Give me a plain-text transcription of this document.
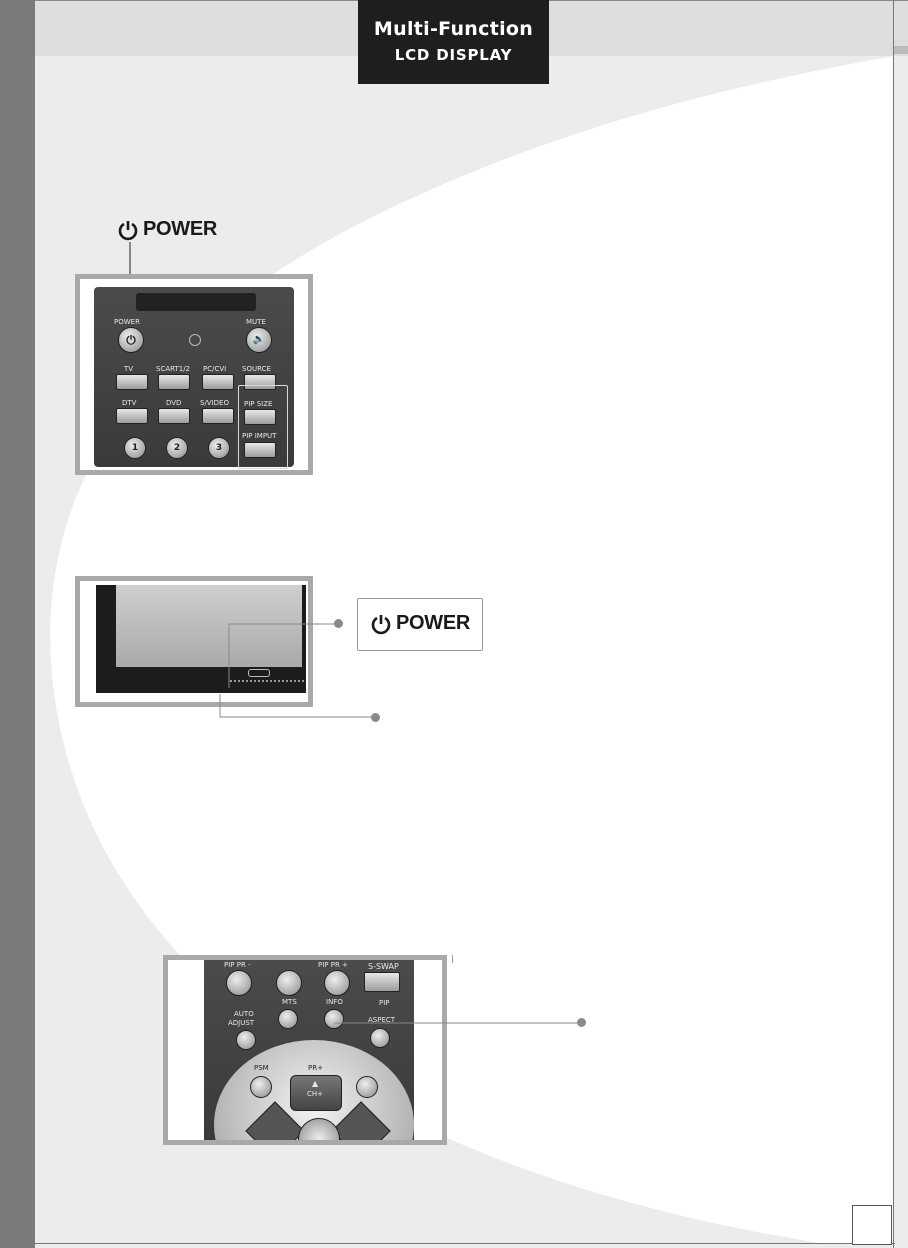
Multi-Function
LCD DISPLAY
POWER
POWER
⏻
MUTE
🔈
TV	SCART1/2 PC/CVI SOURCE
DTV	DVD	S/VIDEO PIP SIZE
1	2	3
PIP IMPUT
POWER
PIP PR -	PIP PR +	S-SWAP
MTS	INFO	PIP
AUTO
ADJUST	ASPECT
PSM	PR+
▲
CH+
